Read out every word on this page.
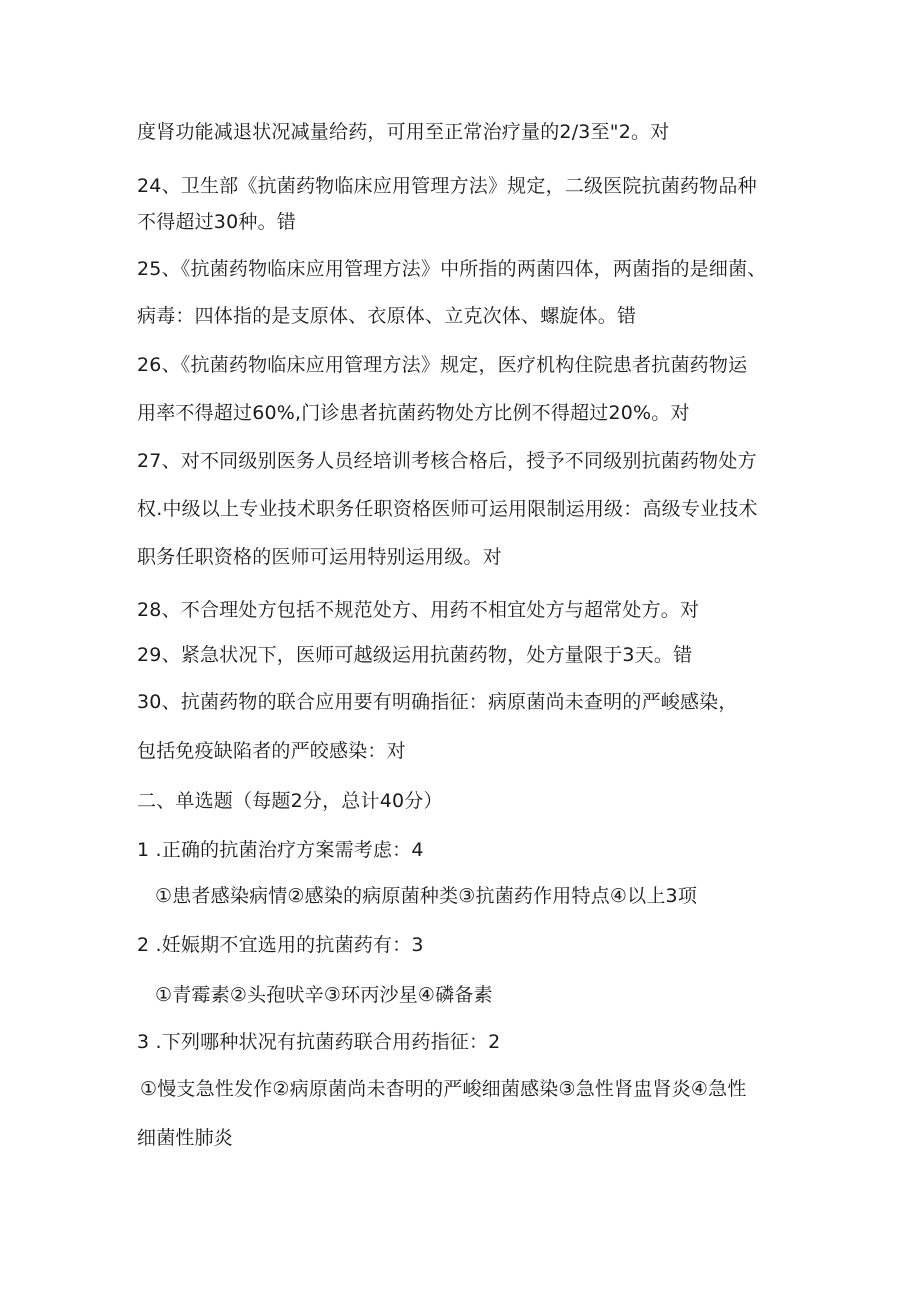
度肾功能减退状况减量给药，可用至正常治疗量的2/3至"2。对
24、卫生部《抗菌药物临床应用管理方法》规定，二级医院抗菌药物品种
不得超过30种。错
25、《抗菌药物临床应用管理方法》中所指的两菌四体，两菌指的是细菌、
病毒：四体指的是支原体、衣原体、立克次体、螺旋体。错
26、《抗菌药物临床应用管理方法》规定，医疗机构住院患者抗菌药物运
用率不得超过60%,门诊患者抗菌药物处方比例不得超过20%。对
27、对不同级别医务人员经培训考核合格后，授予不同级别抗菌药物处方
权.中级以上专业技术职务任职资格医师可运用限制运用级：高级专业技术
职务任职资格的医师可运用特别运用级。对
28、不合理处方包括不规范处方、用药不相宜处方与超常处方。对
29、紧急状况下，医师可越级运用抗菌药物，处方量限于3天。错
30、抗菌药物的联合应用要有明确指征：病原菌尚未查明的严峻感染，
包括免疫缺陷者的严皎感染：对
二、单选题（每题2分，总计40分）
1 .正确的抗菌治疗方案需考虑：4
①患者感染病情②感染的病原菌种类③抗菌药作用特点④以上3项
2 .妊娠期不宜选用的抗菌药有：3
①青霉素②头孢吠辛③环丙沙星④磷备素
3 .下列哪种状况有抗菌药联合用药指征：2
①慢支急性发作②病原菌尚未杳明的严峻细菌感染③急性肾盅肾炎④急性
细菌性肺炎
